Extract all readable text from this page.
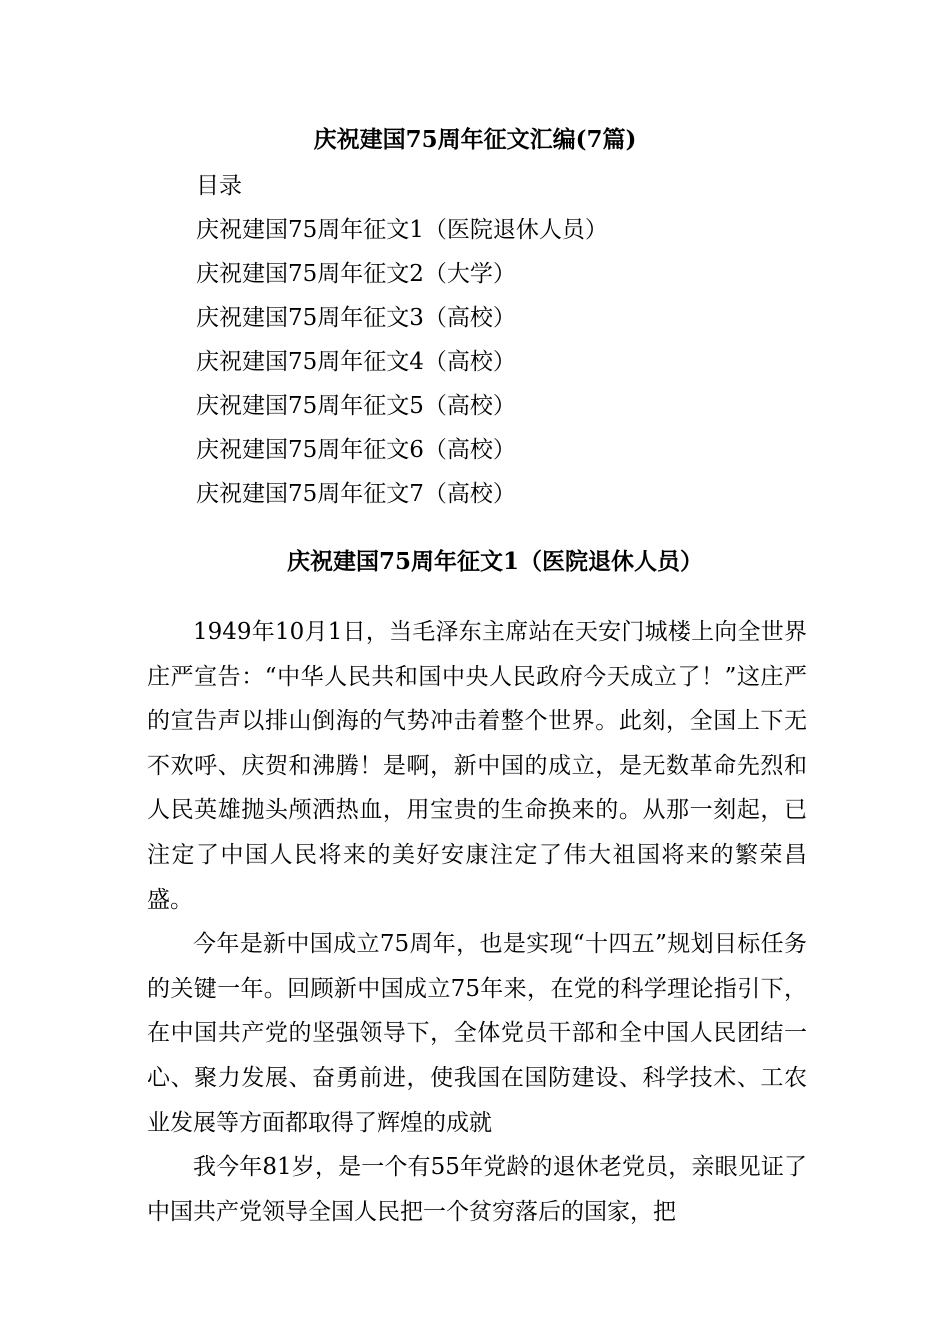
庆祝建国75周年征文汇编(7篇)
目录
庆祝建国75周年征文1（医院退休人员）
庆祝建国75周年征文2（大学）
庆祝建国75周年征文3（高校）
庆祝建国75周年征文4（高校）
庆祝建国75周年征文5（高校）
庆祝建国75周年征文6（高校）
庆祝建国75周年征文7（高校）
庆祝建国75周年征文1（医院退休人员）

1949年10月1日，当毛泽东主席站在天安门城楼上向全世界庄严宣告：“中华人民共和国中央人民政府今天成立了！”这庄严的宣告声以排山倒海的气势冲击着整个世界。此刻，全国上下无不欢呼、庆贺和沸腾！是啊，新中国的成立，是无数革命先烈和人民英雄抛头颅洒热血，用宝贵的生命换来的。从那一刻起，已注定了中国人民将来的美好安康注定了伟大祖国将来的繁荣昌盛。

今年是新中国成立75周年，也是实现“十四五”规划目标任务的关键一年。回顾新中国成立75年来，在党的科学理论指引下，在中国共产党的坚强领导下，全体党员干部和全中国人民团结一心、聚力发展、奋勇前进，使我国在国防建设、科学技术、工农业发展等方面都取得了辉煌的成就

我今年81岁，是一个有55年党龄的退休老党员，亲眼见证了中国共产党领导全国人民把一个贫穷落后的国家，把
